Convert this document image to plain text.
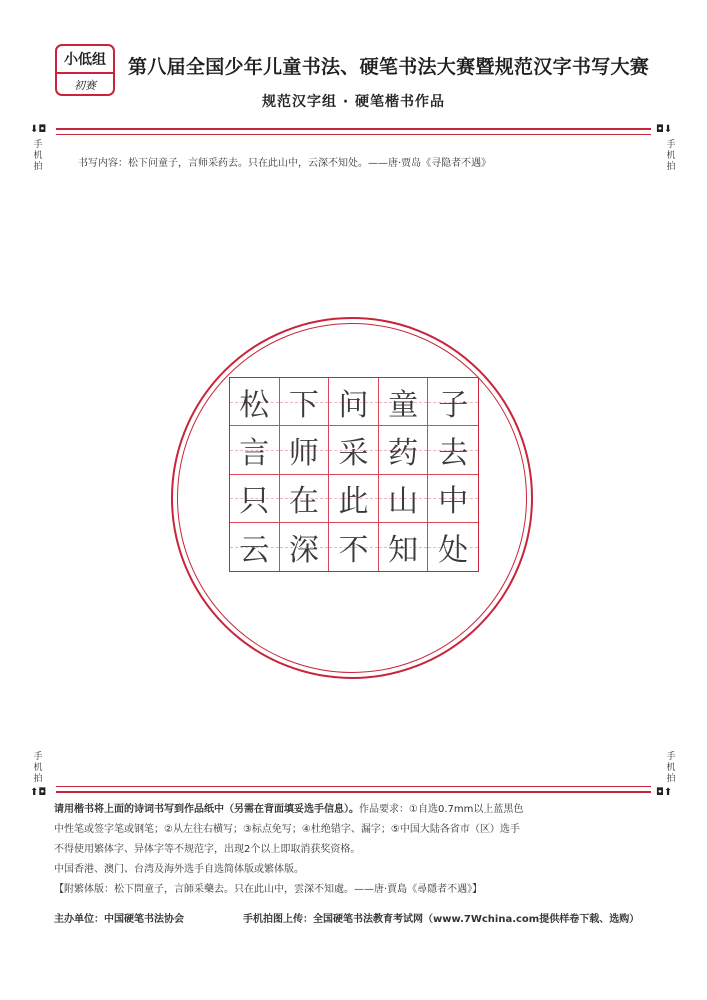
小低组
初赛
第八届全国少年儿童书法、硬笔书法大赛暨规范汉字书写大赛
规范汉字组 · 硬笔楷书作品
⬇◘	◘⬇
手机拍
手机拍
书写内容：松下问童子，言师采药去。只在此山中，云深不知处。——唐·贾岛《寻隐者不遇》
松 下 问 童 子
言 师 采 药 去
只 在 此 山 中
云 深 不 知 处
手机拍
手机拍
⬆◘	◘⬆

请用楷书将上面的诗词书写到作品纸中（另需在背面填妥选手信息）。作品要求：①自选0.7mm以上蓝黑色

中性笔或签字笔或钢笔；②从左往右横写；③标点免写；④杜绝错字、漏字；⑤中国大陆各省市（区）选手

不得使用繁体字、异体字等不规范字，出现2个以上即取消获奖资格。

中国香港、澳门、台湾及海外选手自选简体版或繁体版。

【附繁体版：松下問童子，言師采藥去。只在此山中，雲深不知處。——唐·賈島《尋隱者不遇》】

主办单位：中国硬笔书法协会	手机拍图上传：全国硬笔书法教育考试网（www.7Wchina.com提供样卷下载、选购）
